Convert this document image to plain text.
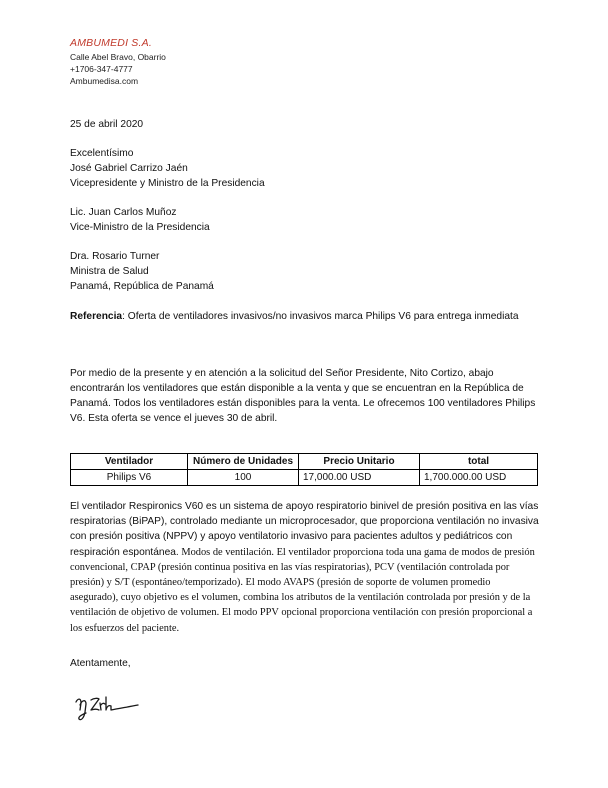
AMBUMEDI S.A.
Calle Abel Bravo, Obarrio
+1706-347-4777
Ambumedisa.com
25 de abril 2020
Excelentísimo
José Gabriel Carrizo Jaén
Vicepresidente y Ministro de la Presidencia
Lic. Juan Carlos Muñoz
Vice-Ministro de la Presidencia
Dra. Rosario Turner
Ministra de Salud
Panamá, República de Panamá
Referencia: Oferta de ventiladores invasivos/no invasivos marca Philips V6 para entrega inmediata
Por medio de la presente y en atención a la solicitud del Señor Presidente, Nito Cortizo, abajo encontrarán los ventiladores que están disponible a la venta y que se encuentran en la República de Panamá. Todos los ventiladores están disponibles para la venta. Le ofrecemos 100 ventiladores Philips V6. Esta oferta se vence el jueves 30 de abril.
Ventilador	Número de Unidades	Precio Unitario	total
Philips V6	100	17,000.00 USD	1,700.000.00 USD
El ventilador Respironics V60 es un sistema de apoyo respiratorio binivel de presión positiva en las vías respiratorias (BiPAP), controlado mediante un microprocesador, que proporciona ventilación no invasiva con presión positiva (NPPV) y apoyo ventilatorio invasivo para pacientes adultos y pediátricos con respiración espontánea. Modos de ventilación. El ventilador proporciona toda una gama de modos de presión convencional, CPAP (presión continua positiva en las vías respiratorias), PCV (ventilación controlada por presión) y S/T (espontáneo/temporizado). El modo AVAPS (presión de soporte de volumen promedio asegurado), cuyo objetivo es el volumen, combina los atributos de la ventilación controlada por presión y de la ventilación de objetivo de volumen. El modo PPV opcional proporciona ventilación con presión proporcional a los esfuerzos del paciente.
Atentamente,
